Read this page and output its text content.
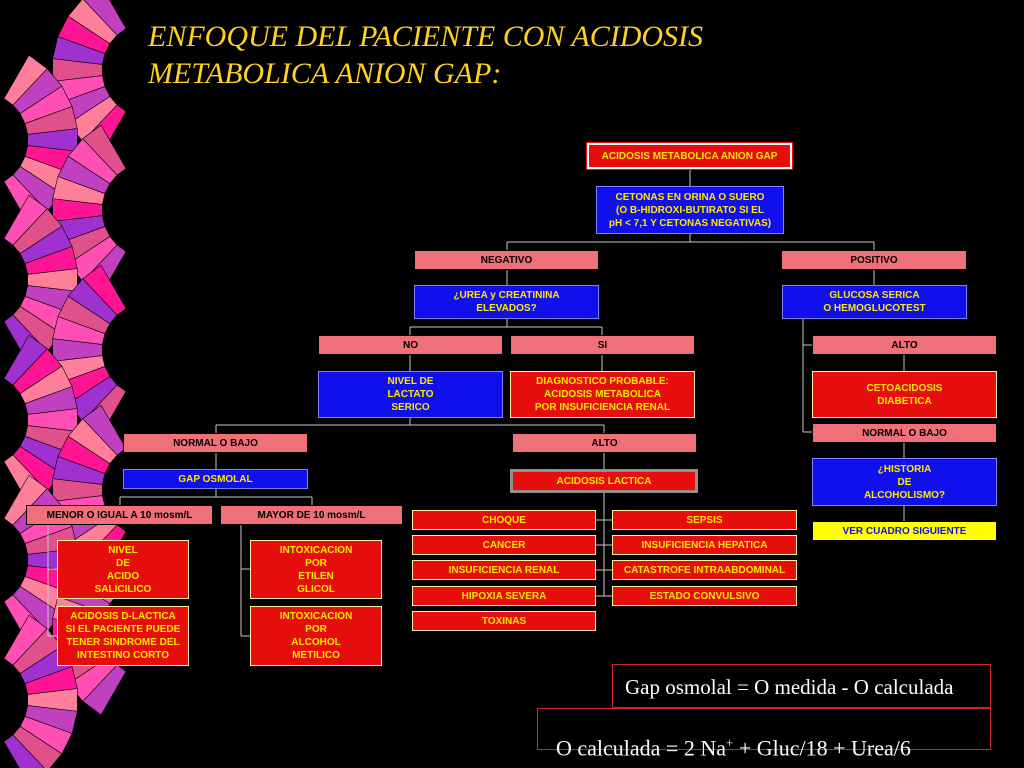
ENFOQUE DEL PACIENTE CON ACIDOSIS
METABOLICA ANION GAP:
ACIDOSIS METABOLICA ANION GAP
CETONAS EN ORINA O SUERO
(O B-HIDROXI-BUTIRATO SI EL
pH < 7,1 Y CETONAS NEGATIVAS)
NEGATIVO	POSITIVO
¿UREA y CREATININA
ELEVADOS?
GLUCOSA SERICA
O HEMOGLUCOTEST
NO	SI	ALTO
NIVEL DE
LACTATO
SERICO
DIAGNOSTICO PROBABLE:
ACIDOSIS METABOLICA
POR INSUFICIENCIA RENAL
CETOACIDOSIS
DIABETICA
NORMAL O BAJO
NORMAL O BAJO	ALTO
¿HISTORIA
DE
ALCOHOLISMO?
GAP OSMOLAL	ACIDOSIS LACTICA
VER CUADRO SIGUIENTE
MENOR O IGUAL A 10 mosm/L	MAYOR DE 10 mosm/L
NIVEL
DE
ACIDO
SALICILICO
ACIDOSIS D-LACTICA
SI EL PACIENTE PUEDE
TENER SINDROME DEL
INTESTINO CORTO
INTOXICACION
POR
ETILEN
GLICOL
INTOXICACION
POR
ALCOHOL
METILICO
CHOQUE
CANCER
INSUFICIENCIA RENAL
HIPOXIA SEVERA
TOXINAS
SEPSIS
INSUFICIENCIA HEPATICA
CATASTROFE INTRAABDOMINAL
ESTADO CONVULSIVO
Gap osmolal = O medida - O calculada
O calculada = 2 Na+ + Gluc/18 + Urea/6
